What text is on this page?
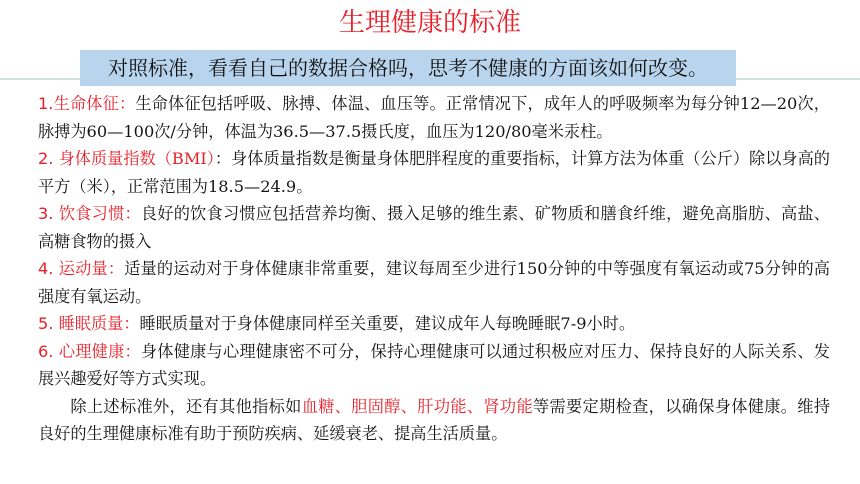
生理健康的标准
对照标准，看看自己的数据合格吗，思考不健康的方面该如何改变。

1.生命体征：生命体征包括呼吸、脉搏、体温、血压等。正常情况下，成年人的呼吸频率为每分钟12—20次，脉搏为60—100次/分钟，体温为36.5—37.5摄氏度，血压为120/80毫米汞柱。

2. 身体质量指数（BMI）：身体质量指数是衡量身体肥胖程度的重要指标，计算方法为体重（公斤）除以身高的平方（米），正常范围为18.5—24.9。

3. 饮食习惯：良好的饮食习惯应包括营养均衡、摄入足够的维生素、矿物质和膳食纤维，避免高脂肪、高盐、高糖食物的摄入

4. 运动量：适量的运动对于身体健康非常重要，建议每周至少进行150分钟的中等强度有氧运动或75分钟的高强度有氧运动。

5. 睡眠质量：睡眠质量对于身体健康同样至关重要，建议成年人每晚睡眠7-9小时。

6. 心理健康：身体健康与心理健康密不可分，保持心理健康可以通过积极应对压力、保持良好的人际关系、发展兴趣爱好等方式实现。

除上述标准外，还有其他指标如血糖、胆固醇、肝功能、肾功能等需要定期检查，以确保身体健康。维持良好的生理健康标准有助于预防疾病、延缓衰老、提高生活质量。
